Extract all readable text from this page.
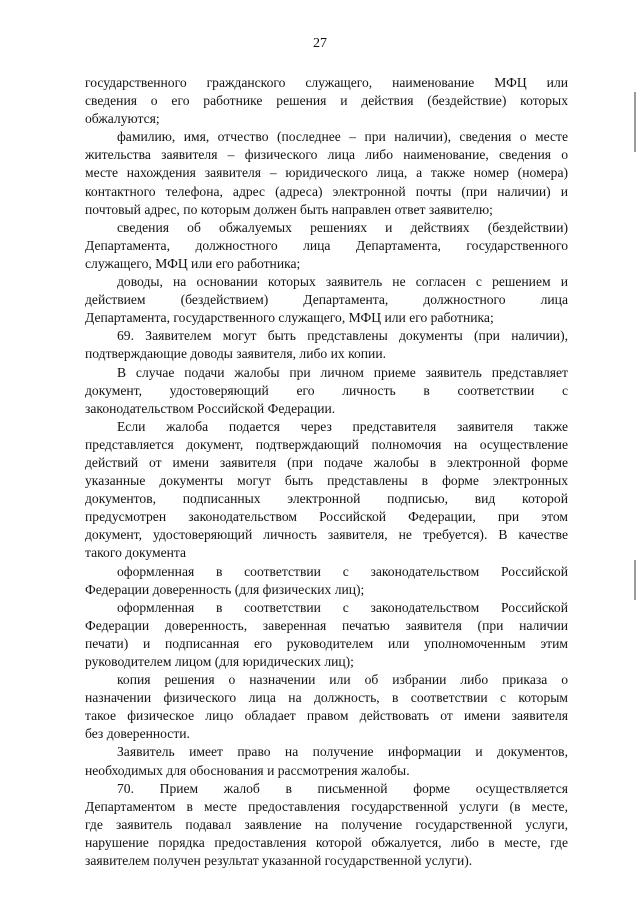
27
государственного гражданского служащего, наименование МФЦ или
сведения о его работнике решения и действия (бездействие) которых
обжалуются;
фамилию, имя, отчество (последнее – при наличии), сведения о месте
жительства заявителя – физического лица либо наименование, сведения о
месте нахождения заявителя – юридического лица, а также номер (номера)
контактного телефона, адрес (адреса) электронной почты (при наличии) и
почтовый адрес, по которым должен быть направлен ответ заявителю;
сведения об обжалуемых решениях и действиях (бездействии)
Департамента, должностного лица Департамента, государственного
служащего, МФЦ или его работника;
доводы, на основании которых заявитель не согласен с решением и
действием (бездействием) Департамента, должностного лица
Департамента, государственного служащего, МФЦ или его работника;
69. Заявителем могут быть представлены документы (при наличии),
подтверждающие доводы заявителя, либо их копии.
В случае подачи жалобы при личном приеме заявитель представляет
документ, удостоверяющий его личность в соответствии с
законодательством Российской Федерации.
Если жалоба подается через представителя заявителя также
представляется документ, подтверждающий полномочия на осуществление
действий от имени заявителя (при подаче жалобы в электронной форме
указанные документы могут быть представлены в форме электронных
документов, подписанных электронной подписью, вид которой
предусмотрен законодательством Российской Федерации, при этом
документ, удостоверяющий личность заявителя, не требуется). В качестве
такого документа
оформленная в соответствии с законодательством Российской
Федерации доверенность (для физических лиц);
оформленная в соответствии с законодательством Российской
Федерации доверенность, заверенная печатью заявителя (при наличии
печати) и подписанная его руководителем или уполномоченным этим
руководителем лицом (для юридических лиц);
копия решения о назначении или об избрании либо приказа о
назначении физического лица на должность, в соответствии с которым
такое физическое лицо обладает правом действовать от имени заявителя
без доверенности.
Заявитель имеет право на получение информации и документов,
необходимых для обоснования и рассмотрения жалобы.
70. Прием жалоб в письменной форме осуществляется
Департаментом в месте предоставления государственной услуги (в месте,
где заявитель подавал заявление на получение государственной услуги,
нарушение порядка предоставления которой обжалуется, либо в месте, где
заявителем получен результат указанной государственной услуги).
